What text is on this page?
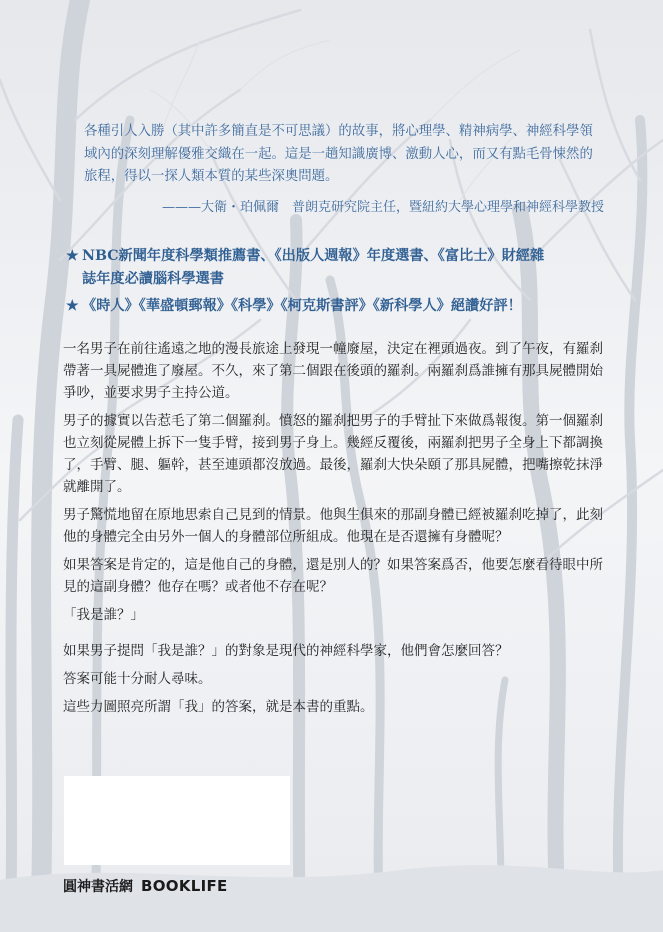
各種引人入勝（其中許多簡直是不可思議）的故事，將心理學、精神病學、神經科學領

域內的深刻理解優雅交織在一起。這是一趟知識廣博、激動人心，而又有點毛骨悚然的

旅程，得以一探人類本質的某些深奧問題。

———大衛・珀佩爾　普朗克研究院主任，暨紐約大學心理學和神經科學教授
★ NBC新聞年度科學類推薦書、《出版人週報》年度選書、《富比士》財經雜
誌年度必讀腦科學選書
★ 《時人》《華盛頓郵報》《科學》《柯克斯書評》《新科學人》絕讚好評！

一名男子在前往遙遠之地的漫長旅途上發現一幢廢屋，決定在裡頭過夜。到了午夜，有羅刹帶著一具屍體進了廢屋。不久，來了第二個跟在後頭的羅刹。兩羅刹爲誰擁有那具屍體開始爭吵，並要求男子主持公道。

男子的據實以告惹毛了第二個羅刹。憤怒的羅刹把男子的手臂扯下來做爲報復。第一個羅刹也立刻從屍體上拆下一隻手臂，接到男子身上。幾經反覆後，兩羅刹把男子全身上下都調換了，手臂、腿、軀幹，甚至連頭都沒放過。最後，羅刹大快朵頤了那具屍體，把嘴擦乾抹淨就離開了。

男子驚慌地留在原地思索自己見到的情景。他與生俱來的那副身體已經被羅刹吃掉了，此刻他的身體完全由另外一個人的身體部位所組成。他現在是否還擁有身體呢？

如果答案是肯定的，這是他自己的身體，還是別人的？如果答案爲否，他要怎麼看待眼中所見的這副身體？他存在嗎？或者他不存在呢？

「我是誰？」

如果男子提問「我是誰？」的對象是現代的神經科學家，他們會怎麼回答？

答案可能十分耐人尋味。

這些力圖照亮所謂「我」的答案，就是本書的重點。

圓神書活網 BOOKLIFE
